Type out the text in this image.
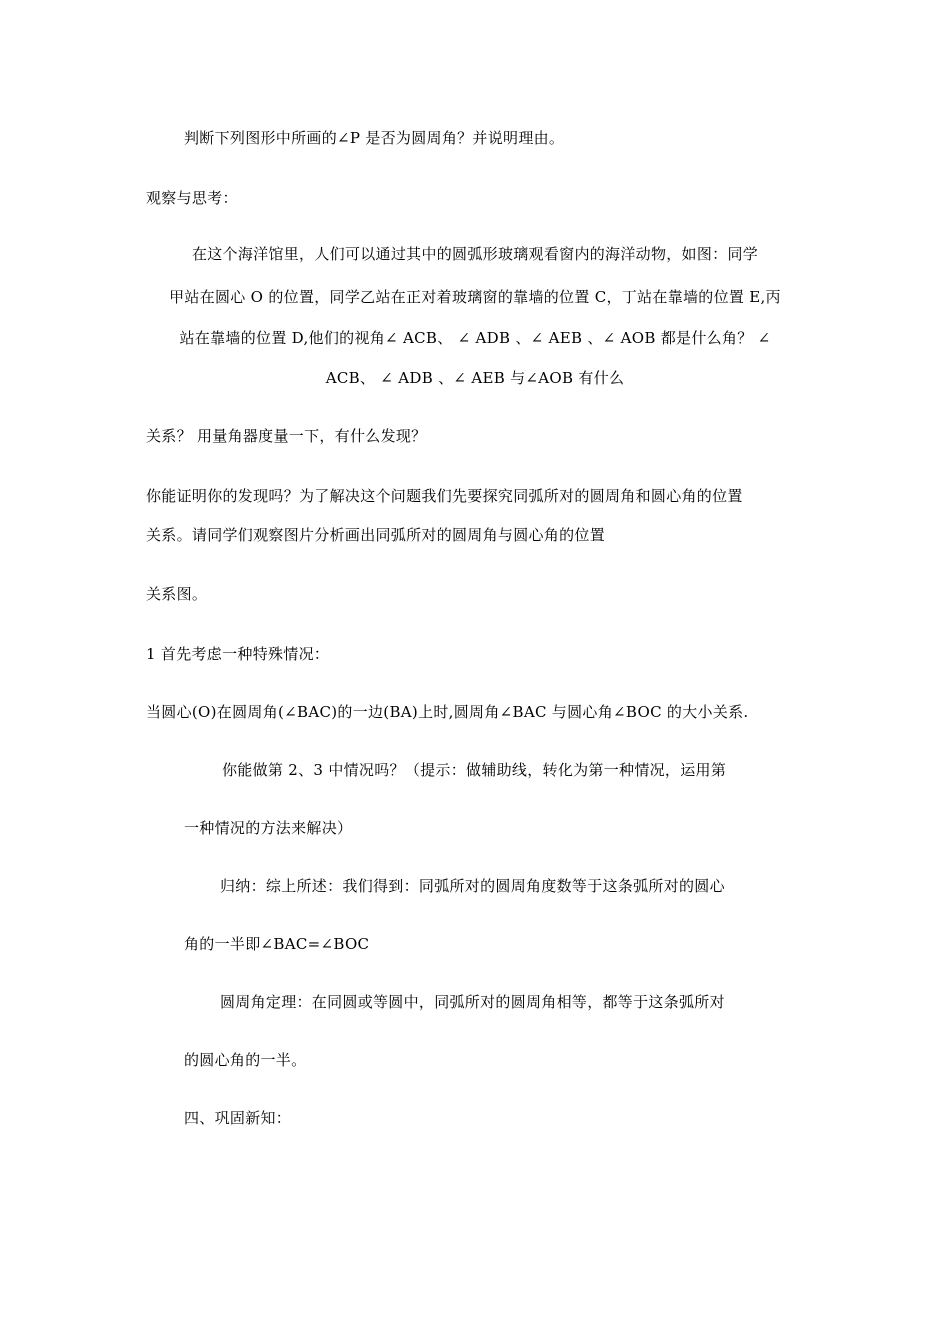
判断下列图形中所画的∠P 是否为圆周角？并说明理由。
观察与思考：
在这个海洋馆里，人们可以通过其中的圆弧形玻璃观看窗内的海洋动物，如图：同学
甲站在圆心 O 的位置，同学乙站在正对着玻璃窗的靠墙的位置 C，丁站在靠墙的位置 E,丙
站在靠墙的位置 D,他们的视角∠ ACB、 ∠ ADB 、∠ AEB 、∠ AOB 都是什么角？ ∠
ACB、 ∠ ADB 、∠ AEB 与∠AOB 有什么
关系？ 用量角器度量一下，有什么发现？
你能证明你的发现吗？为了解决这个问题我们先要探究同弧所对的圆周角和圆心角的位置
关系。请同学们观察图片分析画出同弧所对的圆周角与圆心角的位置
关系图。
1 首先考虑一种特殊情况：
当圆心(O)在圆周角(∠BAC)的一边(BA)上时,圆周角∠BAC 与圆心角∠BOC 的大小关系.
你能做第 2、3 中情况吗？（提示：做辅助线，转化为第一种情况，运用第
一种情况的方法来解决）
归纳：综上所述：我们得到：同弧所对的圆周角度数等于这条弧所对的圆心
角的一半即∠BAC=∠BOC
圆周角定理：在同圆或等圆中，同弧所对的圆周角相等，都等于这条弧所对
的圆心角的一半。
四、巩固新知：
